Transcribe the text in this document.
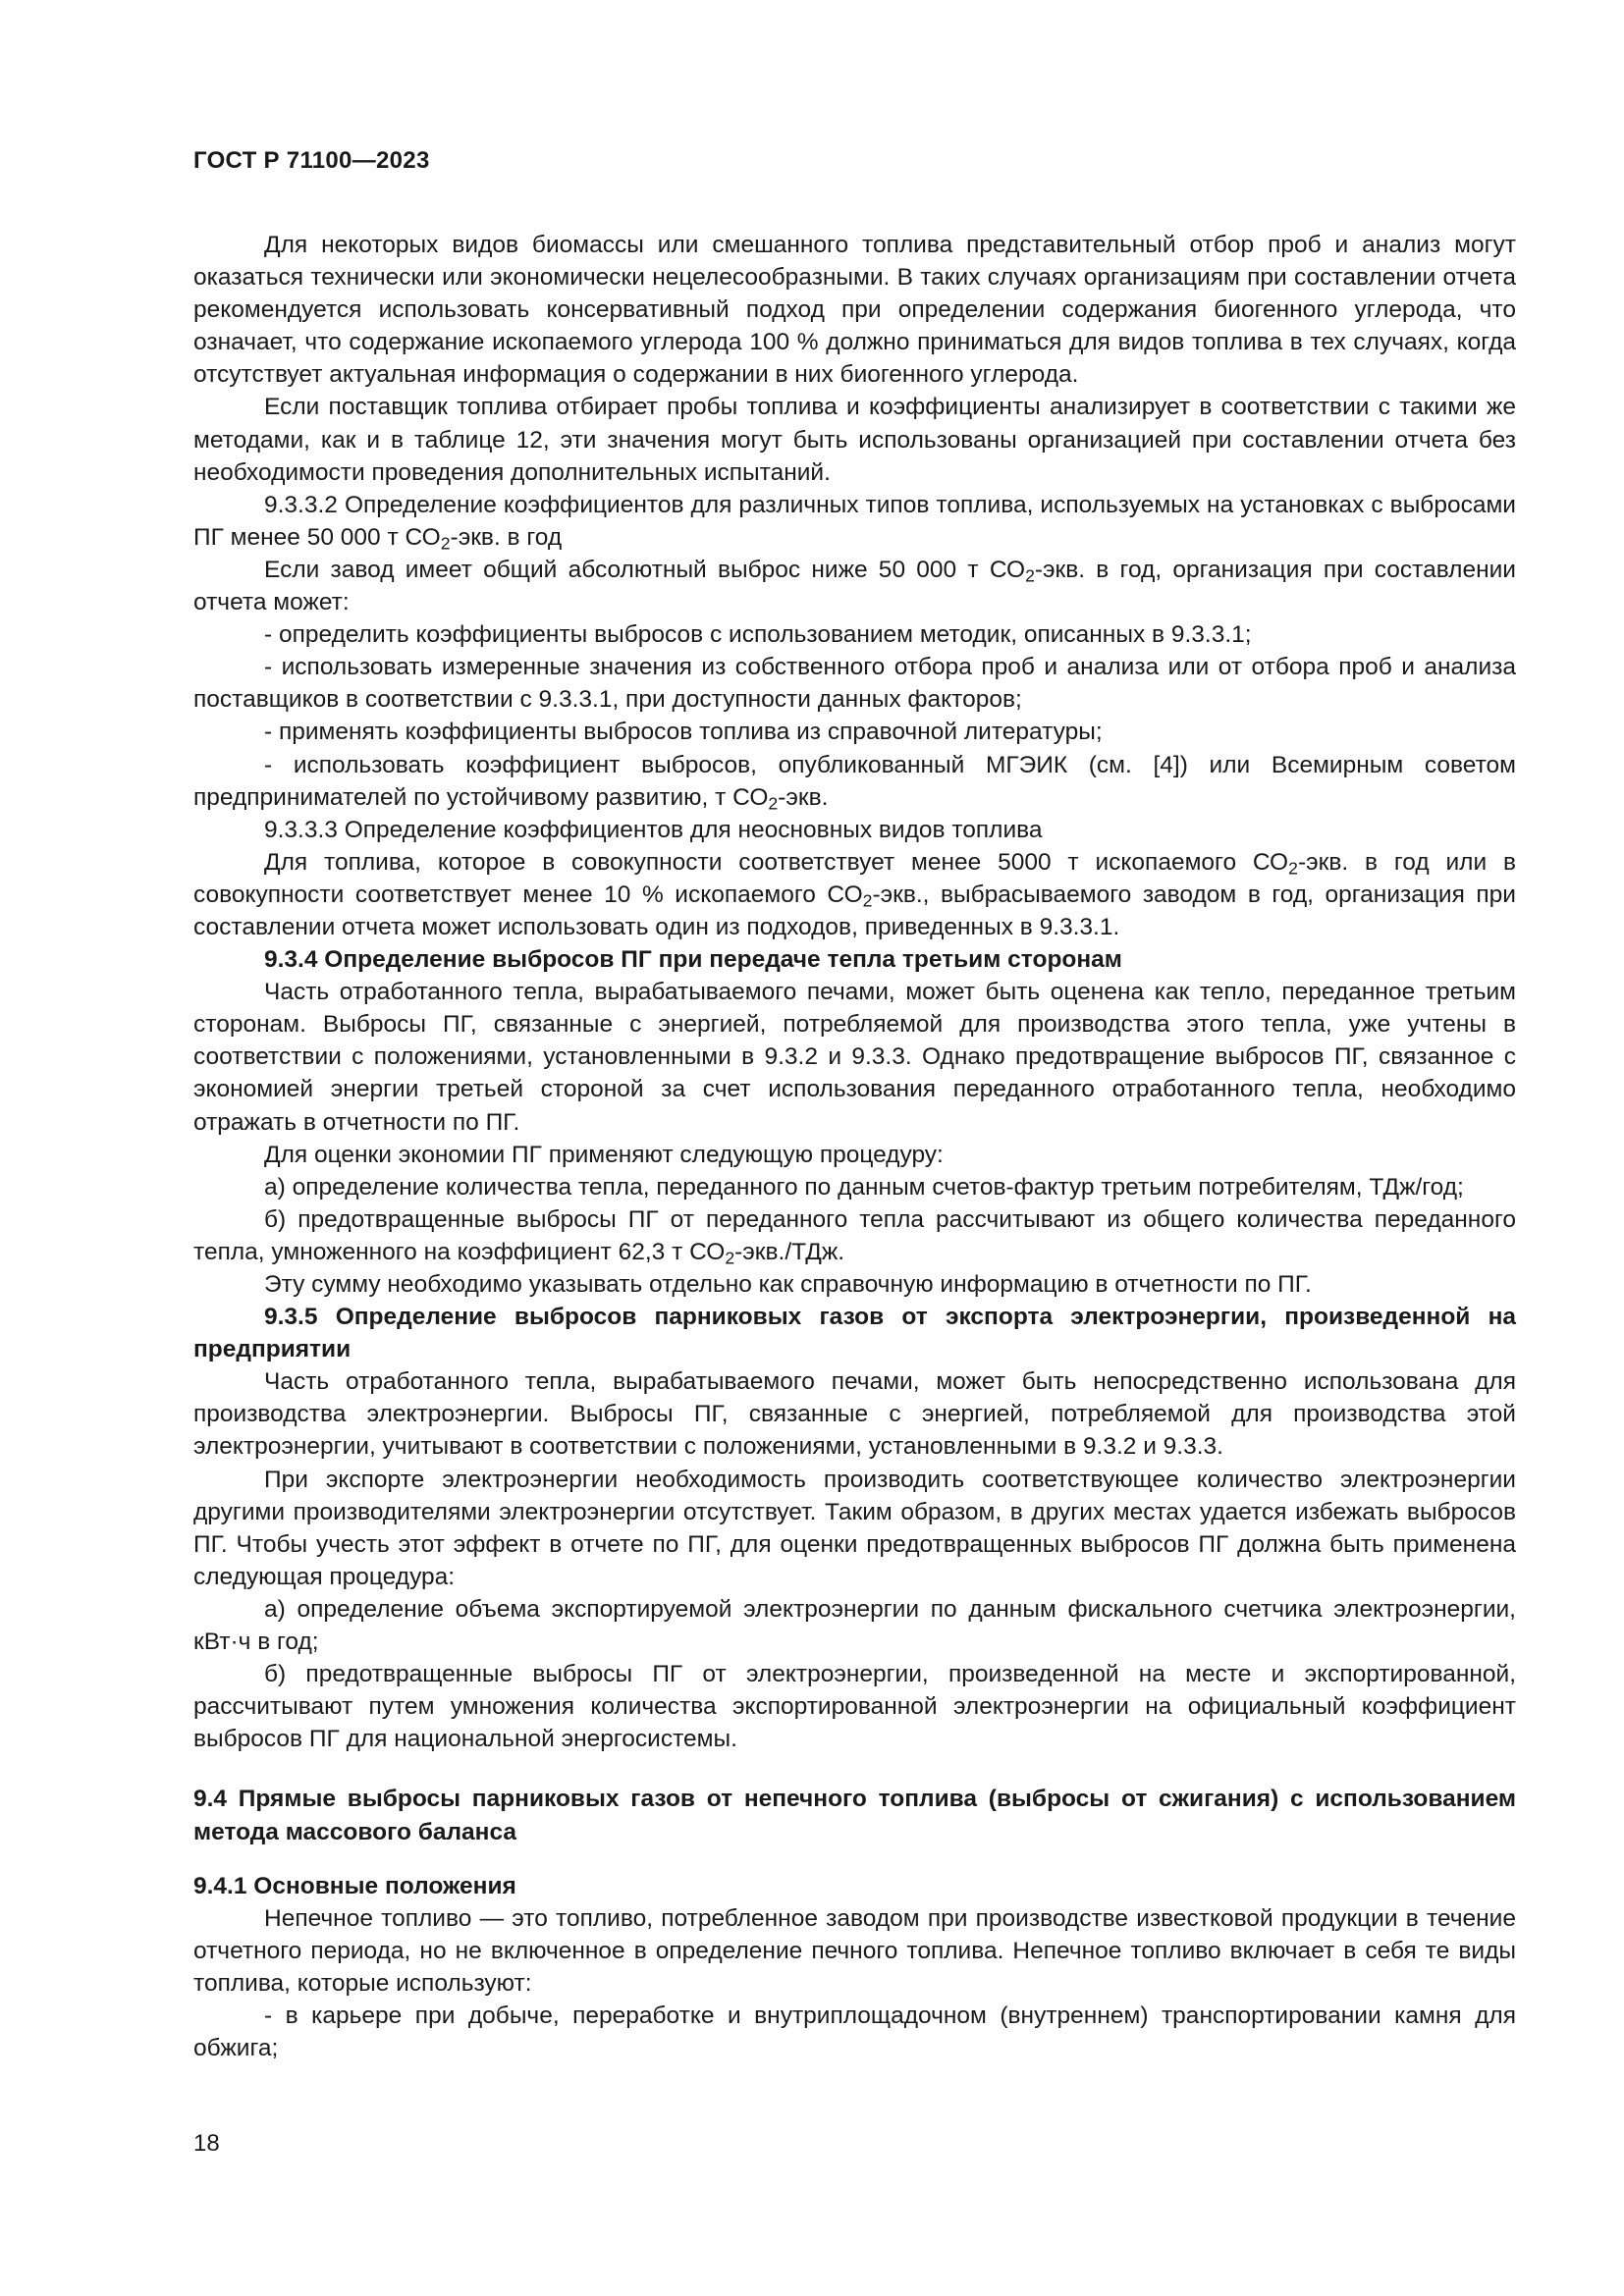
ГОСТ Р 71100—2023

Для некоторых видов биомассы или смешанного топлива представительный отбор проб и анализ могут оказаться технически или экономически нецелесообразными. В таких случаях организациям при составлении отчета рекомендуется использовать консервативный подход при определении содержания биогенного углерода, что означает, что содержание ископаемого углерода 100 % должно приниматься для видов топлива в тех случаях, когда отсутствует актуальная информация о содержании в них биогенного углерода.

Если поставщик топлива отбирает пробы топлива и коэффициенты анализирует в соответствии с такими же методами, как и в таблице 12, эти значения могут быть использованы организацией при составлении отчета без необходимости проведения дополнительных испытаний.

9.3.3.2 Определение коэффициентов для различных типов топлива, используемых на установках с выбросами ПГ менее 50 000 т $СО_2$-экв. в год

Если завод имеет общий абсолютный выброс ниже 50 000 т $СО_2$-экв. в год, организация при составлении отчета может:

- определить коэффициенты выбросов с использованием методик, описанных в 9.3.3.1;

- использовать измеренные значения из собственного отбора проб и анализа или от отбора проб и анализа поставщиков в соответствии с 9.3.3.1, при доступности данных факторов;

- применять коэффициенты выбросов топлива из справочной литературы;

- использовать коэффициент выбросов, опубликованный МГЭИК (см. [4]) или Всемирным советом предпринимателей по устойчивому развитию, т $СО_2$-экв.

9.3.3.3 Определение коэффициентов для неосновных видов топлива

Для топлива, которое в совокупности соответствует менее 5000 т ископаемого $СО_2$-экв. в год или в совокупности соответствует менее 10 % ископаемого $СО_2$-экв., выбрасываемого заводом в год, организация при составлении отчета может использовать один из подходов, приведенных в 9.3.3.1.

9.3.4 Определение выбросов ПГ при передаче тепла третьим сторонам

Часть отработанного тепла, вырабатываемого печами, может быть оценена как тепло, переданное третьим сторонам. Выбросы ПГ, связанные с энергией, потребляемой для производства этого тепла, уже учтены в соответствии с положениями, установленными в 9.3.2 и 9.3.3. Однако предотвращение выбросов ПГ, связанное с экономией энергии третьей стороной за счет использования переданного отработанного тепла, необходимо отражать в отчетности по ПГ.

Для оценки экономии ПГ применяют следующую процедуру:

а) определение количества тепла, переданного по данным счетов-фактур третьим потребителям, ТДж/год;

б) предотвращенные выбросы ПГ от переданного тепла рассчитывают из общего количества переданного тепла, умноженного на коэффициент 62,3 т $СО_2-экв$./ТДж.

Эту сумму необходимо указывать отдельно как справочную информацию в отчетности по ПГ.

9.3.5 Определение выбросов парниковых газов от экспорта электроэнергии, произведенной на предприятии

Часть отработанного тепла, вырабатываемого печами, может быть непосредственно использована для производства электроэнергии. Выбросы ПГ, связанные с энергией, потребляемой для производства этой электроэнергии, учитывают в соответствии с положениями, установленными в 9.3.2 и 9.3.3.

При экспорте электроэнергии необходимость производить соответствующее количество электроэнергии другими производителями электроэнергии отсутствует. Таким образом, в других местах удается избежать выбросов ПГ. Чтобы учесть этот эффект в отчете по ПГ, для оценки предотвращенных выбросов ПГ должна быть применена следующая процедура:

а) определение объема экспортируемой электроэнергии по данным фискального счетчика электроэнергии, кВт·ч в год;

б) предотвращенные выбросы ПГ от электроэнергии, произведенной на месте и экспортированной, рассчитывают путем умножения количества экспортированной электроэнергии на официальный коэффициент выбросов ПГ для национальной энергосистемы.

9.4 Прямые выбросы парниковых газов от непечного топлива (выбросы от сжигания) с использованием метода массового баланса

9.4.1 Основные положения

Непечное топливо — это топливо, потребленное заводом при производстве известковой продукции в течение отчетного периода, но не включенное в определение печного топлива. Непечное топливо включает в себя те виды топлива, которые используют:

- в карьере при добыче, переработке и внутриплощадочном (внутреннем) транспортировании камня для обжига;

18
